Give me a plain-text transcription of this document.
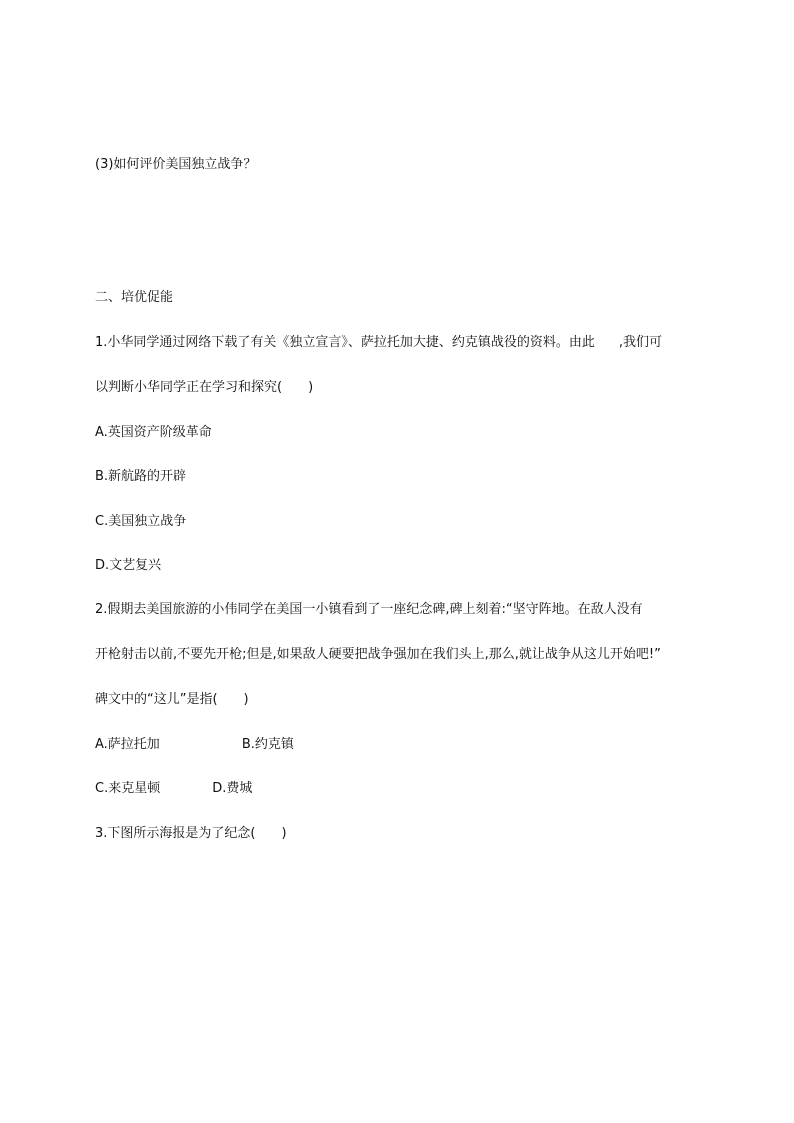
(3)如何评价美国独立战争？
二、培优促能
1.小华同学通过网络下载了有关《独立宣言》、萨拉托加大捷、约克镇战役的资料。由此 ,我们可
以判断小华同学正在学习和探究(　　)
A.英国资产阶级革命
B.新航路的开辟
C.美国独立战争
D.文艺复兴
2.假期去美国旅游的小伟同学在美国一小镇看到了一座纪念碑,碑上刻着:“坚守阵地。在敌人没有
开枪射击以前,不要先开枪;但是,如果敌人硬要把战争强加在我们头上,那么,就让战争从这儿开始吧!”
碑文中的“这儿”是指(　　)
A.萨拉托加	B.约克镇
C.来克星顿	D.费城
3.下图所示海报是为了纪念(　　)
